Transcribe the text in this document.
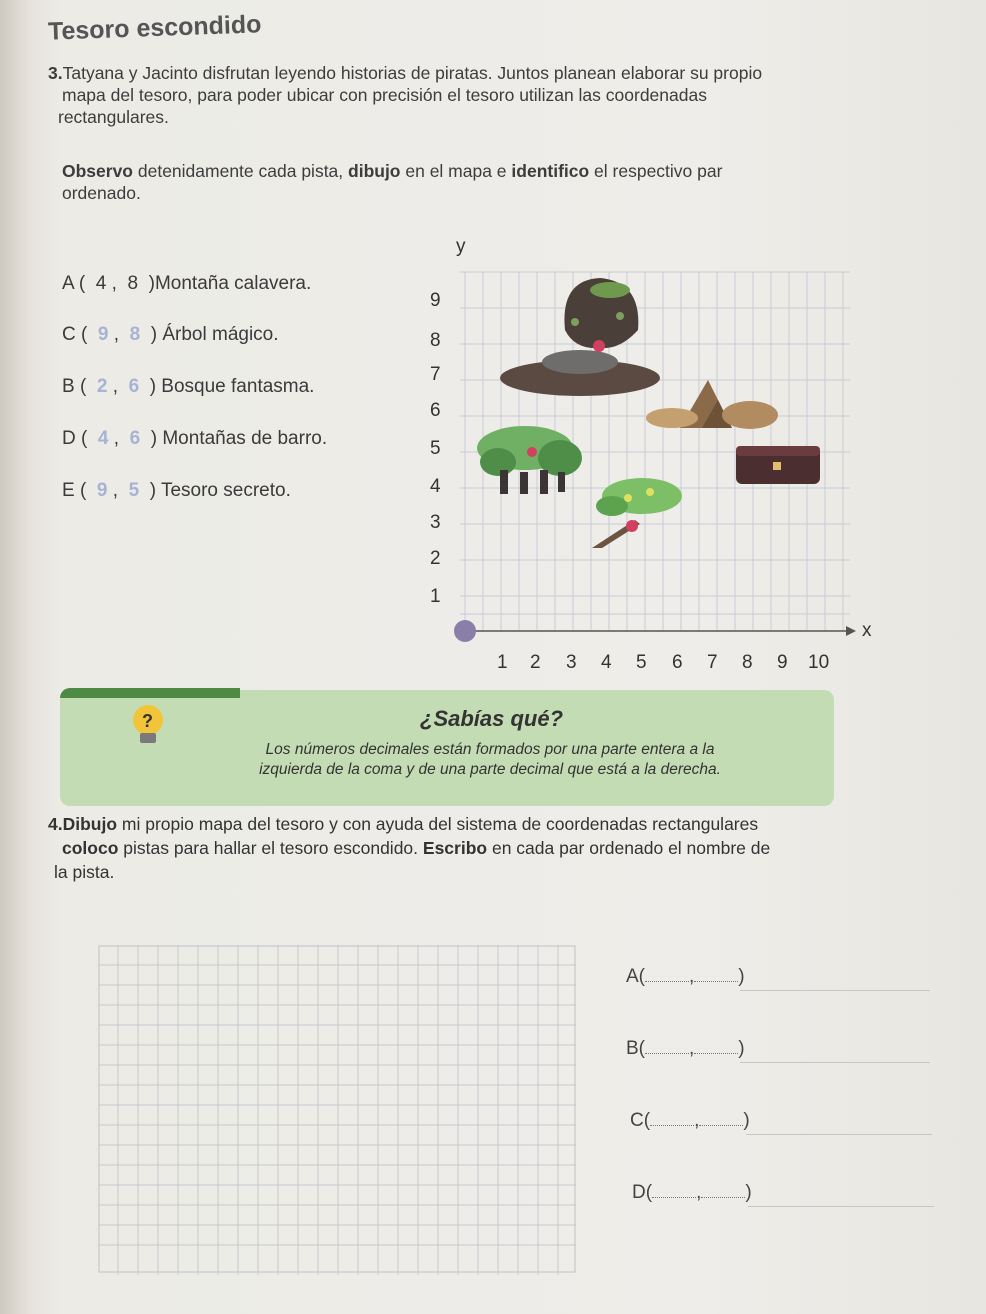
Tesoro escondido
3.Tatyana y Jacinto disfrutan leyendo historias de piratas. Juntos planean elaborar su propio
mapa del tesoro, para poder ubicar con precisión el tesoro utilizan las coordenadas
rectangulares.
Observo detenidamente cada pista, dibujo en el mapa e identifico el respectivo par
ordenado.
A (  4 ,  8 )Montaña calavera.
C (  9 ,  8 ) Árbol mágico.
B (  2 ,  6 ) Bosque fantasma.
D (  4 ,  6 ) Montañas de barro.
E (  9 ,  5 ) Tesoro secreto.
y
x
9
8
7
6
5
4
3
2
1
1 2 3 4 5 6 7 8 9 10
?	¿Sabías qué?
Los números decimales están formados por una parte entera a la
izquierda de la coma y de una parte decimal que está a la derecha.
4.Dibujo mi propio mapa del tesoro y con ayuda del sistema de coordenadas rectangulares
coloco pistas para hallar el tesoro escondido. Escribo en cada par ordenado el nombre de
la pista.
A( , )
B( , )
C( , )
D( , )
